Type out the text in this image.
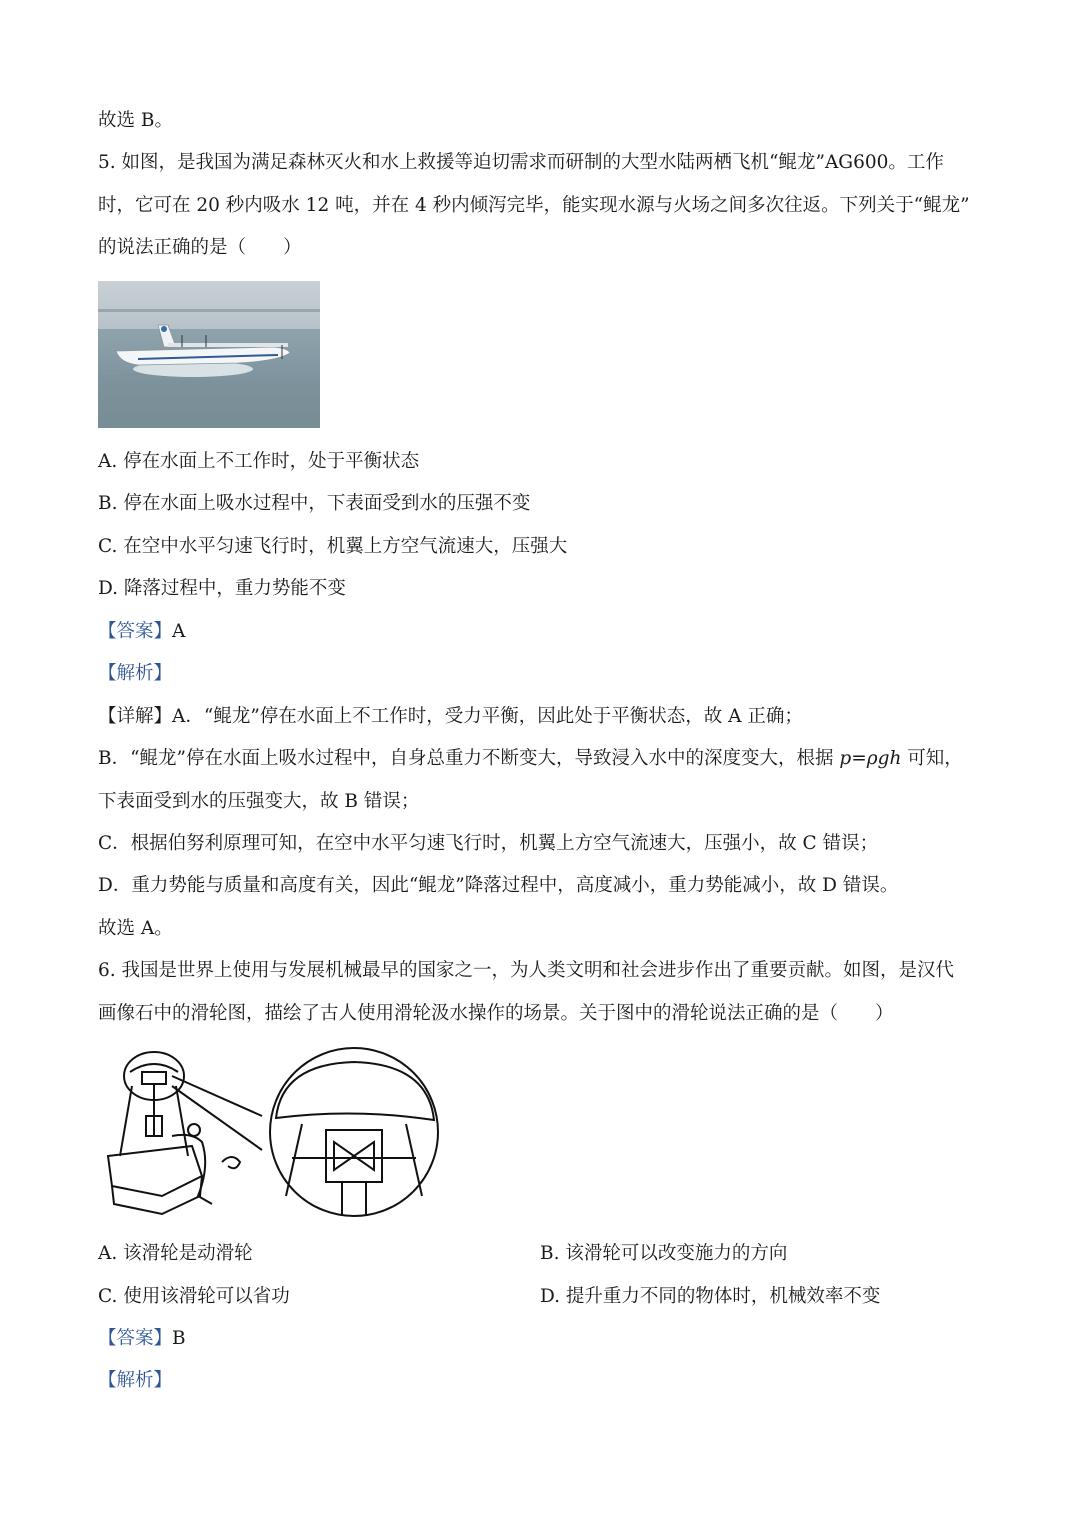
故选 B。
5. 如图，是我国为满足森林灭火和水上救援等迫切需求而研制的大型水陆两栖飞机“鲲龙”AG600。工作
时，它可在 20 秒内吸水 12 吨，并在 4 秒内倾泻完毕，能实现水源与火场之间多次往返。下列关于“鲲龙”
的说法正确的是（　　）
A. 停在水面上不工作时，处于平衡状态
B. 停在水面上吸水过程中，下表面受到水的压强不变
C. 在空中水平匀速飞行时，机翼上方空气流速大，压强大
D. 降落过程中，重力势能不变
【答案】A
【解析】
【详解】A．“鲲龙”停在水面上不工作时，受力平衡，因此处于平衡状态，故 A 正确；
B．“鲲龙”停在水面上吸水过程中，自身总重力不断变大，导致浸入水中的深度变大，根据 p=ρgh 可知，
下表面受到水的压强变大，故 B 错误；
C．根据伯努利原理可知，在空中水平匀速飞行时，机翼上方空气流速大，压强小，故 C 错误；
D．重力势能与质量和高度有关，因此“鲲龙”降落过程中，高度减小，重力势能减小，故 D 错误。
故选 A。
6. 我国是世界上使用与发展机械最早的国家之一，为人类文明和社会进步作出了重要贡献。如图，是汉代
画像石中的滑轮图，描绘了古人使用滑轮汲水操作的场景。关于图中的滑轮说法正确的是（　　）
A. 该滑轮是动滑轮	B. 该滑轮可以改变施力的方向
C. 使用该滑轮可以省功	D. 提升重力不同的物体时，机械效率不变
【答案】B
【解析】
